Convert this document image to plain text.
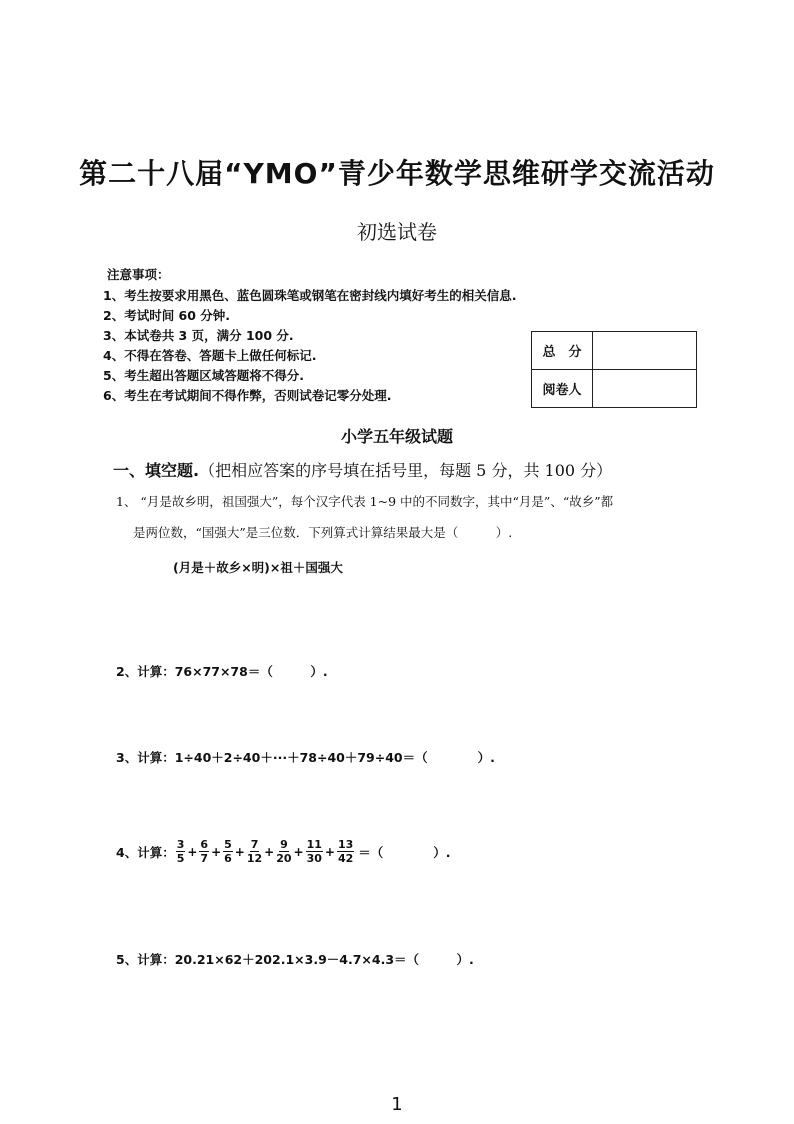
第二十八届“YMO”青少年数学思维研学交流活动
初选试卷
注意事项：
1、考生按要求用黑色、蓝色圆珠笔或钢笔在密封线内填好考生的相关信息.
2、考试时间 60 分钟.
3、本试卷共 3 页，满分 100 分.
4、不得在答卷、答题卡上做任何标记.
5、考生超出答题区域答题将不得分.
6、考生在考试期间不得作弊，否则试卷记零分处理.
总　分	
阅卷人	
小学五年级试题
一、填空题.（把相应答案的序号填在括号里，每题 5 分，共 100 分）
1、 “月是故乡明，祖国强大”，每个汉字代表 1~9 中的不同数字，其中“月是”、“故乡”都
是两位数，“国强大”是三位数．下列算式计算结果最大是（　　　）.
(月是＋故乡×明)×祖＋国强大
2、计算：76×77×78＝（　　　）.
3、计算：1÷40＋2÷40＋···＋78÷40＋79÷40＝（　　　　）.
4、计算： $\frac{3}{5} + \frac{6}{7} + \frac{5}{6} + \frac{7}{12} + \frac{9}{20} + \frac{11}{30} + \frac{13}{42}$ ＝（　　　　）.
5、计算：20.21×62＋202.1×3.9－4.7×4.3＝（　　　）.
1
